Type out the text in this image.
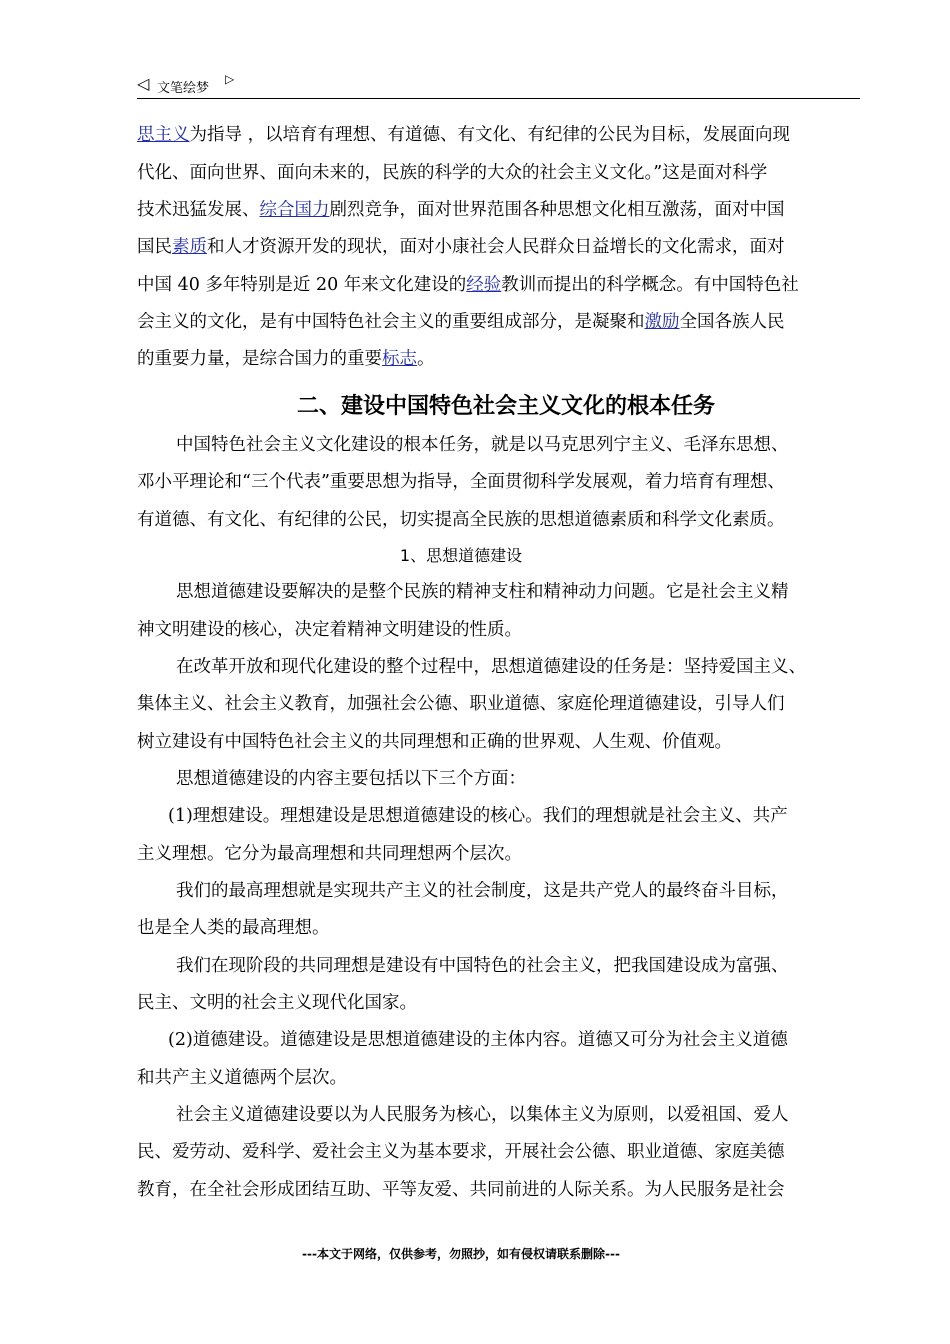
◁ 文笔绘梦
▷
思主义为指导 ，以培育有理想、有道德、有文化、有纪律的公民为目标，发展面向现
代化、面向世界、面向未来的，民族的科学的大众的社会主义文化。”这是面对科学
技术迅猛发展、综合国力剧烈竞争，面对世界范围各种思想文化相互激荡，面对中国
国民素质和人才资源开发的现状，面对小康社会人民群众日益增长的文化需求，面对
中国 40 多年特别是近 20 年来文化建设的经验教训而提出的科学概念。有中国特色社
会主义的文化，是有中国特色社会主义的重要组成部分，是凝聚和激励全国各族人民
的重要力量，是综合国力的重要标志。
二、建设中国特色社会主义文化的根本任务
中国特色社会主义文化建设的根本任务，就是以马克思列宁主义、毛泽东思想、
邓小平理论和“三个代表”重要思想为指导，全面贯彻科学发展观，着力培育有理想、
有道德、有文化、有纪律的公民，切实提高全民族的思想道德素质和科学文化素质。
1、思想道德建设
思想道德建设要解决的是整个民族的精神支柱和精神动力问题。它是社会主义精
神文明建设的核心，决定着精神文明建设的性质。
在改革开放和现代化建设的整个过程中，思想道德建设的任务是：坚持爱国主义、
集体主义、社会主义教育，加强社会公德、职业道德、家庭伦理道德建设，引导人们
树立建设有中国特色社会主义的共同理想和正确的世界观、人生观、价值观。
思想道德建设的内容主要包括以下三个方面：
(1)理想建设。理想建设是思想道德建设的核心。我们的理想就是社会主义、共产
主义理想。它分为最高理想和共同理想两个层次。
我们的最高理想就是实现共产主义的社会制度，这是共产党人的最终奋斗目标，
也是全人类的最高理想。
我们在现阶段的共同理想是建设有中国特色的社会主义，把我国建设成为富强、
民主、文明的社会主义现代化国家。
(2)道德建设。道德建设是思想道德建设的主体内容。道德又可分为社会主义道德
和共产主义道德两个层次。
社会主义道德建设要以为人民服务为核心，以集体主义为原则，以爱祖国、爱人
民、爱劳动、爱科学、爱社会主义为基本要求，开展社会公德、职业道德、家庭美德
教育，在全社会形成团结互助、平等友爱、共同前进的人际关系。为人民服务是社会
---本文于网络，仅供参考，勿照抄，如有侵权请联系删除---
